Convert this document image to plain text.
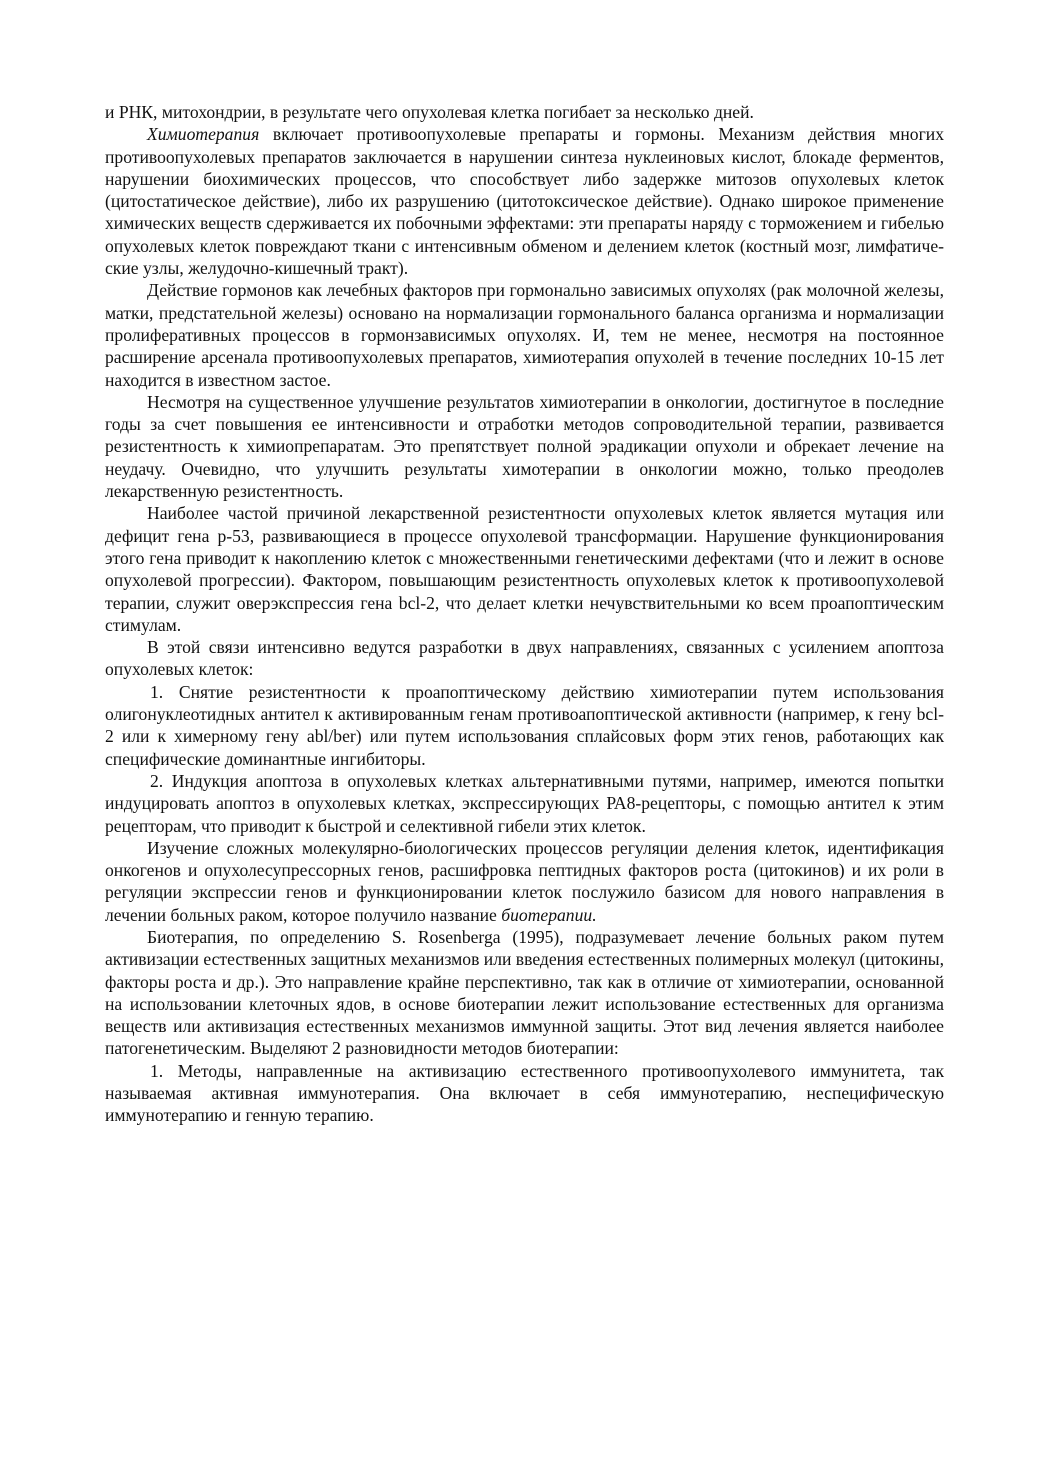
и РНК, митохондрии, в результате чего опухолевая клетка погибает за несколько дней.

Химиотерапия включает противоопухолевые препараты и гормоны. Механизм действия многих противоопухолевых препаратов заключается в нарушении синтеза нуклеиновых кислот, блокаде ферментов, нарушении биохимических процессов, что способствует либо задержке митозов опухолевых клеток (цитостатическое действие), либо их разрушению (цитотоксическое действие). Однако широкое применение химических веществ сдерживается их побочными эффектами: эти препараты наряду с торможением и гибелью опухолевых клеток повреждают ткани с интенсивным обменом и делением клеток (костный мозг, лимфатические узлы, желудочно-кишечный тракт).

Действие гормонов как лечебных факторов при гормонально зависимых опухолях (рак молочной железы, матки, предстательной железы) основано на нормализации гормонального баланса организма и нормализации пролиферативных процессов в гормонзависимых опухолях. И, тем не менее, несмотря на постоянное расширение арсенала противоопухолевых препаратов, химиотерапия опухолей в течение последних 10-15 лет находится в известном застое.

Несмотря на существенное улучшение результатов химиотерапии в онкологии, достигнутое в последние годы за счет повышения ее интенсивности и отработки методов сопроводительной терапии, развивается резистентность к химиопрепаратам. Это препятствует полной эрадикации опухоли и обрекает лечение на неудачу. Очевидно, что улучшить результаты химотерапии в онкологии можно, только преодолев лекарственную резистентность.

Наиболее частой причиной лекарственной резистентности опухолевых клеток является мутация или дефицит гена р-53, развивающиеся в процессе опухолевой трансформации. Нарушение функционирования этого гена приводит к накоплению клеток с множественными генетическими дефектами (что и лежит в основе опухолевой прогрессии). Фактором, повышающим резистентность опухолевых клеток к противоопухолевой терапии, служит оверэкспрессия гена bcl-2, что делает клетки нечувствительными ко всем проапоптическим стимулам.

В этой связи интенсивно ведутся разработки в двух направлениях, связанных с усилением апоптоза опухолевых клеток:

1. Снятие резистентности к проапоптическому действию химиотерапии путем использования олигонуклеотидных антител к активированным генам противоапоптической активности (например, к гену bcl-2 или к химерному гену abl/ber) или путем использования сплайсовых форм этих генов, работающих как специфические доминантные ингибиторы.

2. Индукция апоптоза в опухолевых клетках альтернативными путями, например, имеются попытки индуцировать апоптоз в опухолевых клетках, экспрессирующих РА8-рецепторы, с помощью антител к этим рецепторам, что приводит к быстрой и селективной гибели этих клеток.

Изучение сложных молекулярно-биологических процессов регуляции деления клеток, идентификация онкогенов и опухолесупрессорных генов, расшифровка пептидных факторов роста (цитокинов) и их роли в регуляции экспрессии генов и функционировании клеток послужило базисом для нового направления в лечении больных раком, которое получило название биотерапии.

Биотерапия, по определению S. Rosenberga (1995), подразумевает лечение больных раком путем активизации естественных защитных механизмов или введения естественных полимерных молекул (цитокины, факторы роста и др.). Это направление крайне перспективно, так как в отличие от химиотерапии, основанной на использовании клеточных ядов, в основе биотерапии лежит использование естественных для организма веществ или активизация естественных механизмов иммунной защиты. Этот вид лечения является наиболее патогенетическим. Выделяют 2 разновидности методов биотерапии:

1. Методы, направленные на активизацию естественного противоопухолевого иммунитета, так называемая активная иммунотерапия. Она включает в себя иммунотерапию, неспецифическую иммунотерапию и генную терапию.
